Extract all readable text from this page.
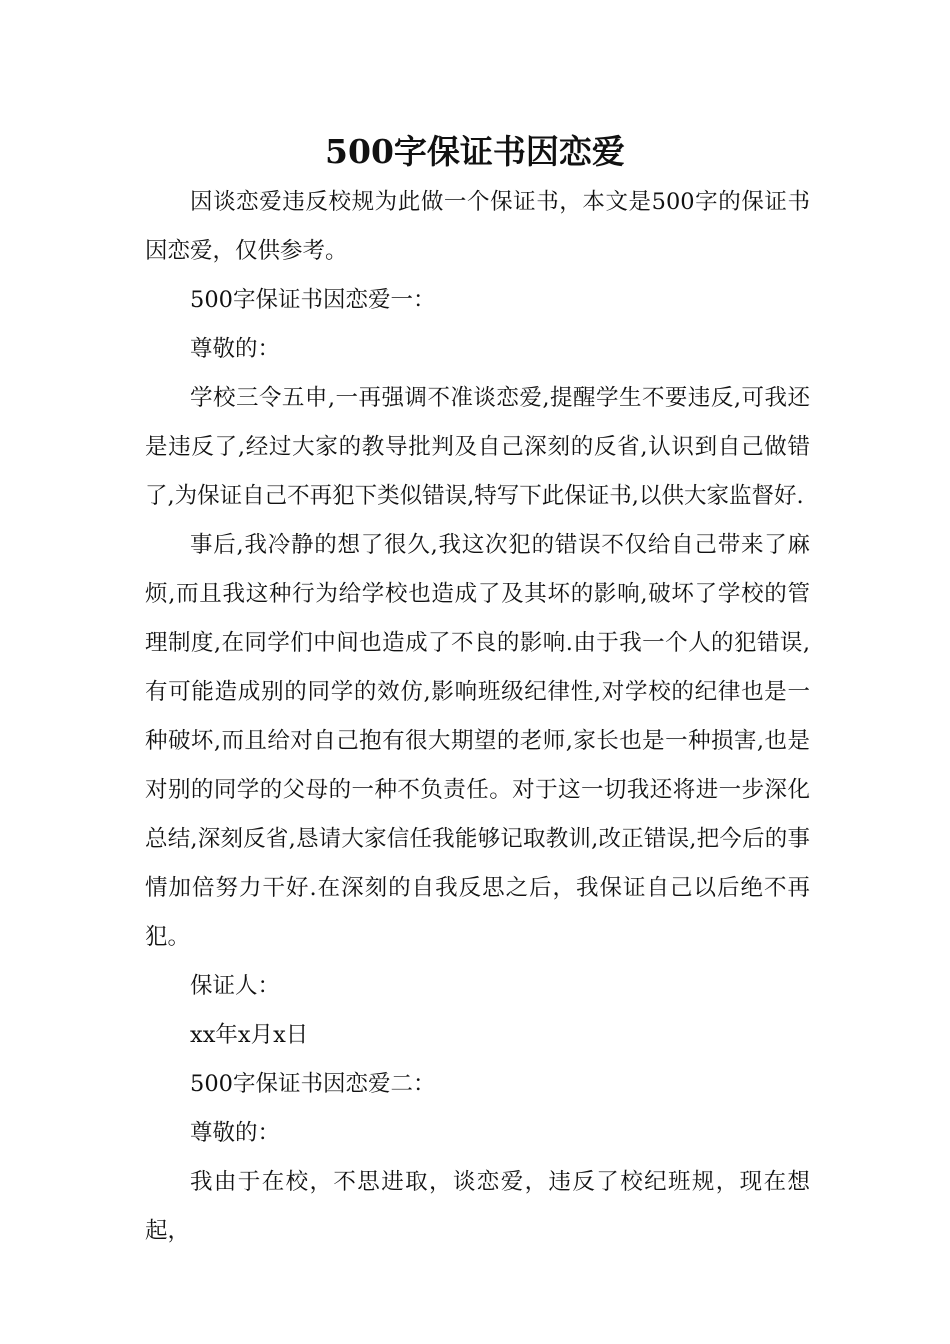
500字保证书因恋爱

因谈恋爱违反校规为此做一个保证书，本文是500字的保证书因恋爱，仅供参考。

500字保证书因恋爱一：

尊敬的：

学校三令五申,一再强调不准谈恋爱,提醒学生不要违反,可我还是违反了,经过大家的教导批判及自己深刻的反省,认识到自己做错了,为保证自己不再犯下类似错误,特写下此保证书,以供大家监督好.

事后,我冷静的想了很久,我这次犯的错误不仅给自己带来了麻烦,而且我这种行为给学校也造成了及其坏的影响,破坏了学校的管理制度,在同学们中间也造成了不良的影响.由于我一个人的犯错误,有可能造成别的同学的效仿,影响班级纪律性,对学校的纪律也是一种破坏,而且给对自己抱有很大期望的老师,家长也是一种损害,也是对别的同学的父母的一种不负责任。对于这一切我还将进一步深化总结,深刻反省,恳请大家信任我能够记取教训,改正错误,把今后的事情加倍努力干好.在深刻的自我反思之后，我保证自己以后绝不再犯。

保证人：

xx年x月x日

500字保证书因恋爱二：

尊敬的：

我由于在校，不思进取，谈恋爱，违反了校纪班规，现在想起，
